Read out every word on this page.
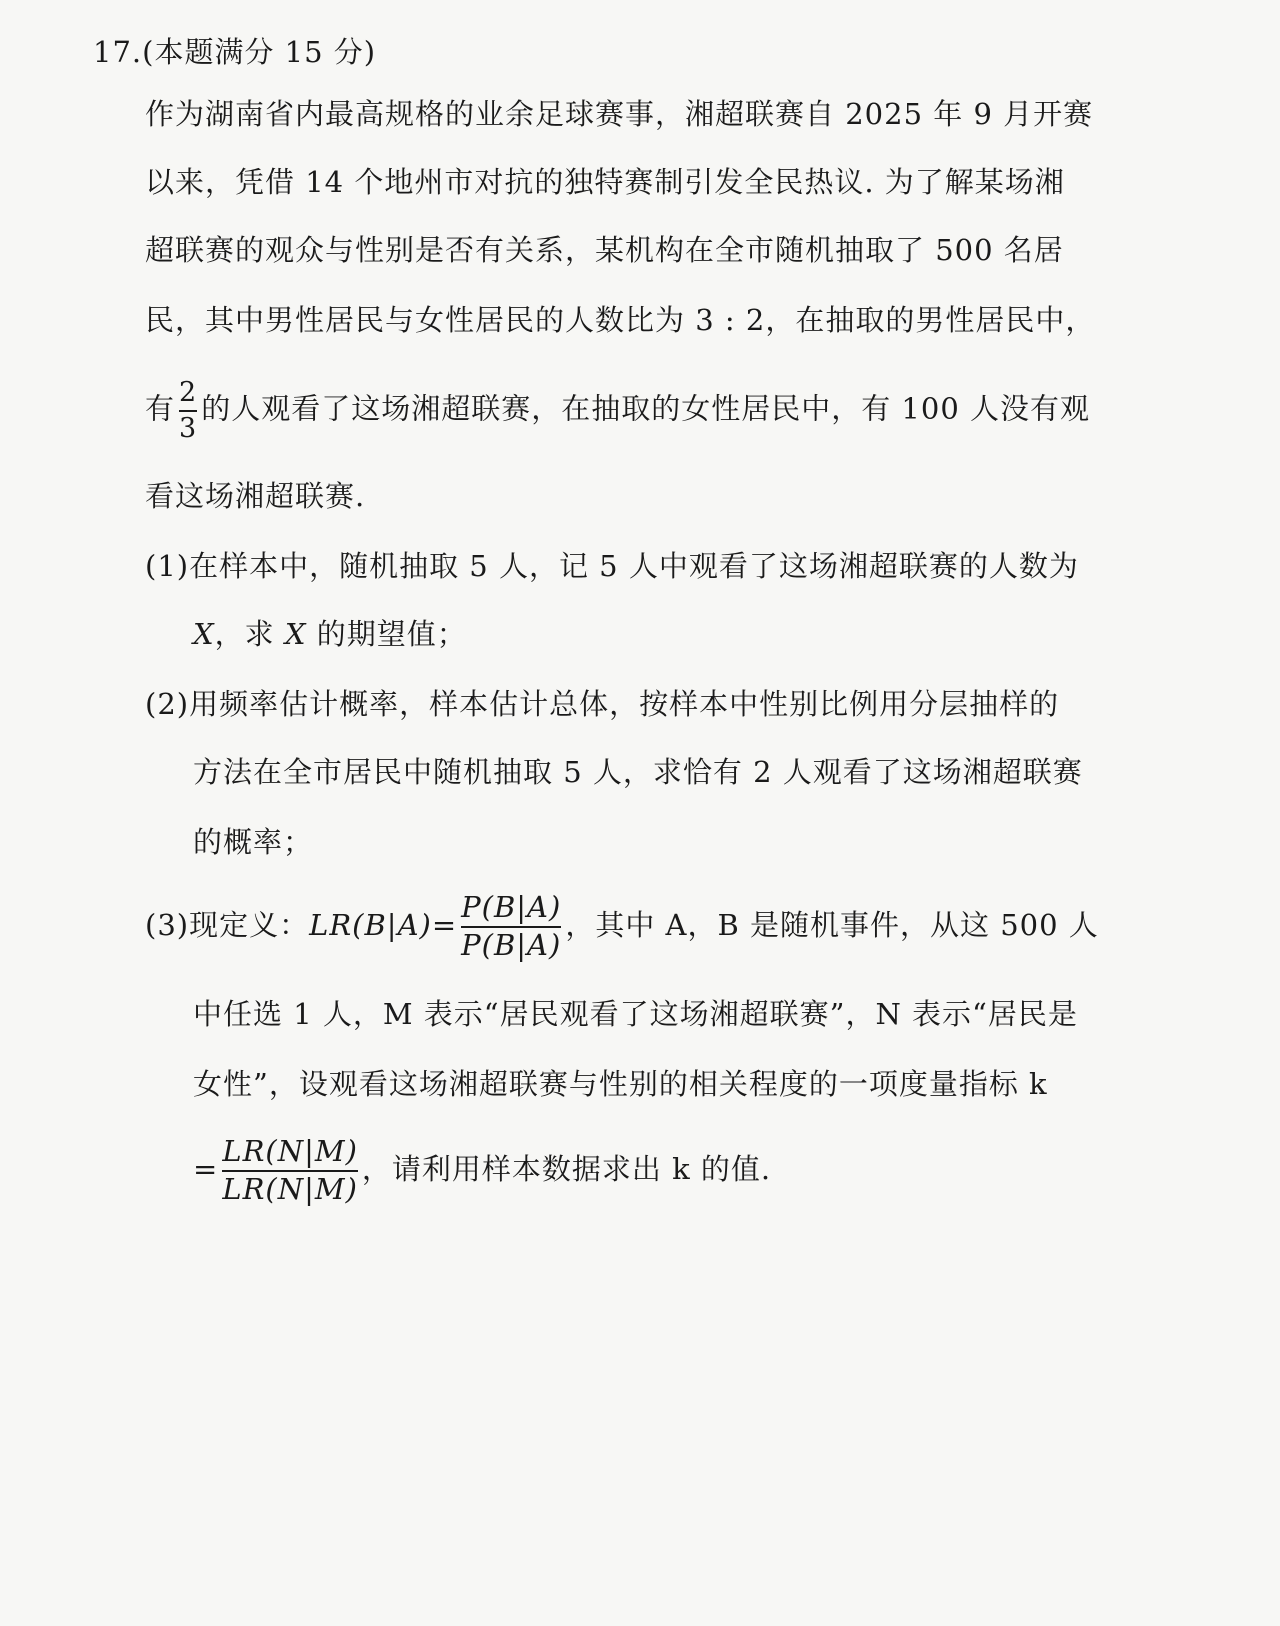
17.(本题满分 15 分)
作为湖南省内最高规格的业余足球赛事，湘超联赛自 2025 年 9 月开赛
以来，凭借 14 个地州市对抗的独特赛制引发全民热议. 为了解某场湘
超联赛的观众与性别是否有关系，某机构在全市随机抽取了 500 名居
民，其中男性居民与女性居民的人数比为 3 : 2，在抽取的男性居民中，
有 $\frac{2}{3}$ 的人观看了这场湘超联赛，在抽取的女性居民中，有 100 人没有观
看这场湘超联赛.
(1)在样本中，随机抽取 5 人，记 5 人中观看了这场湘超联赛的人数为
X，求 X 的期望值；
(2)用频率估计概率，样本估计总体，按样本中性别比例用分层抽样的
方法在全市居民中随机抽取 5 人，求恰有 2 人观看了这场湘超联赛
的概率；
(3)现定义：$LR(B|A)= \frac{P(B|A)}{P(\overline{B}|A)}$ ，其中 A，B 是随机事件，从这 500 人
中任选 1 人，M 表示“居民观看了这场湘超联赛”，N 表示“居民是
女性”，设观看这场湘超联赛与性别的相关程度的一项度量指标 k
= $\frac{LR(N|M)}{LR(N|\overline{M})}$ ，请利用样本数据求出 k 的值.
